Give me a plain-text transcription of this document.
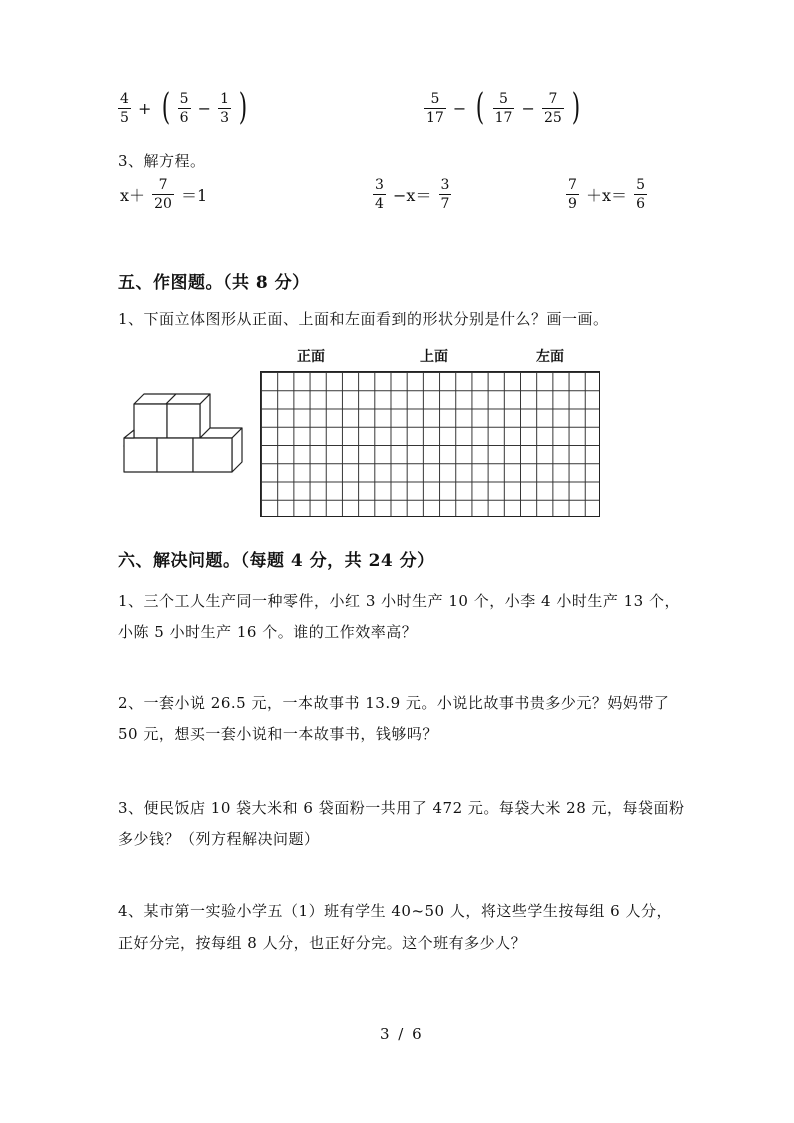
$\frac{4}{5}$ + ( $\frac{5}{6} - \frac{1}{3}$ )	$\frac{5}{17}$ − ( $\frac{5}{17} - \frac{7}{25}$ )
3、解方程。
$x+ \frac{7}{20} =1$	$\frac{3}{4} -x= \frac{3}{7}$	$\frac{7}{9} +x= \frac{5}{6}$
五、作图题。（共 8 分）
1、下面立体图形从正面、上面和左面看到的形状分别是什么？画一画。
正面	上面	左面
六、解决问题。（每题 4 分，共 24 分）
1、三个工人生产同一种零件，小红 3 小时生产 10 个，小李 4 小时生产 13 个，
小陈 5 小时生产 16 个。谁的工作效率高？
2、一套小说 26.5 元，一本故事书 13.9 元。小说比故事书贵多少元？妈妈带了
50 元，想买一套小说和一本故事书，钱够吗？
3、便民饭店 10 袋大米和 6 袋面粉一共用了 472 元。每袋大米 28 元，每袋面粉
多少钱？（列方程解决问题）
4、某市第一实验小学五（1）班有学生 40~50 人，将这些学生按每组 6 人分，
正好分完，按每组 8 人分，也正好分完。这个班有多少人？
3 / 6
